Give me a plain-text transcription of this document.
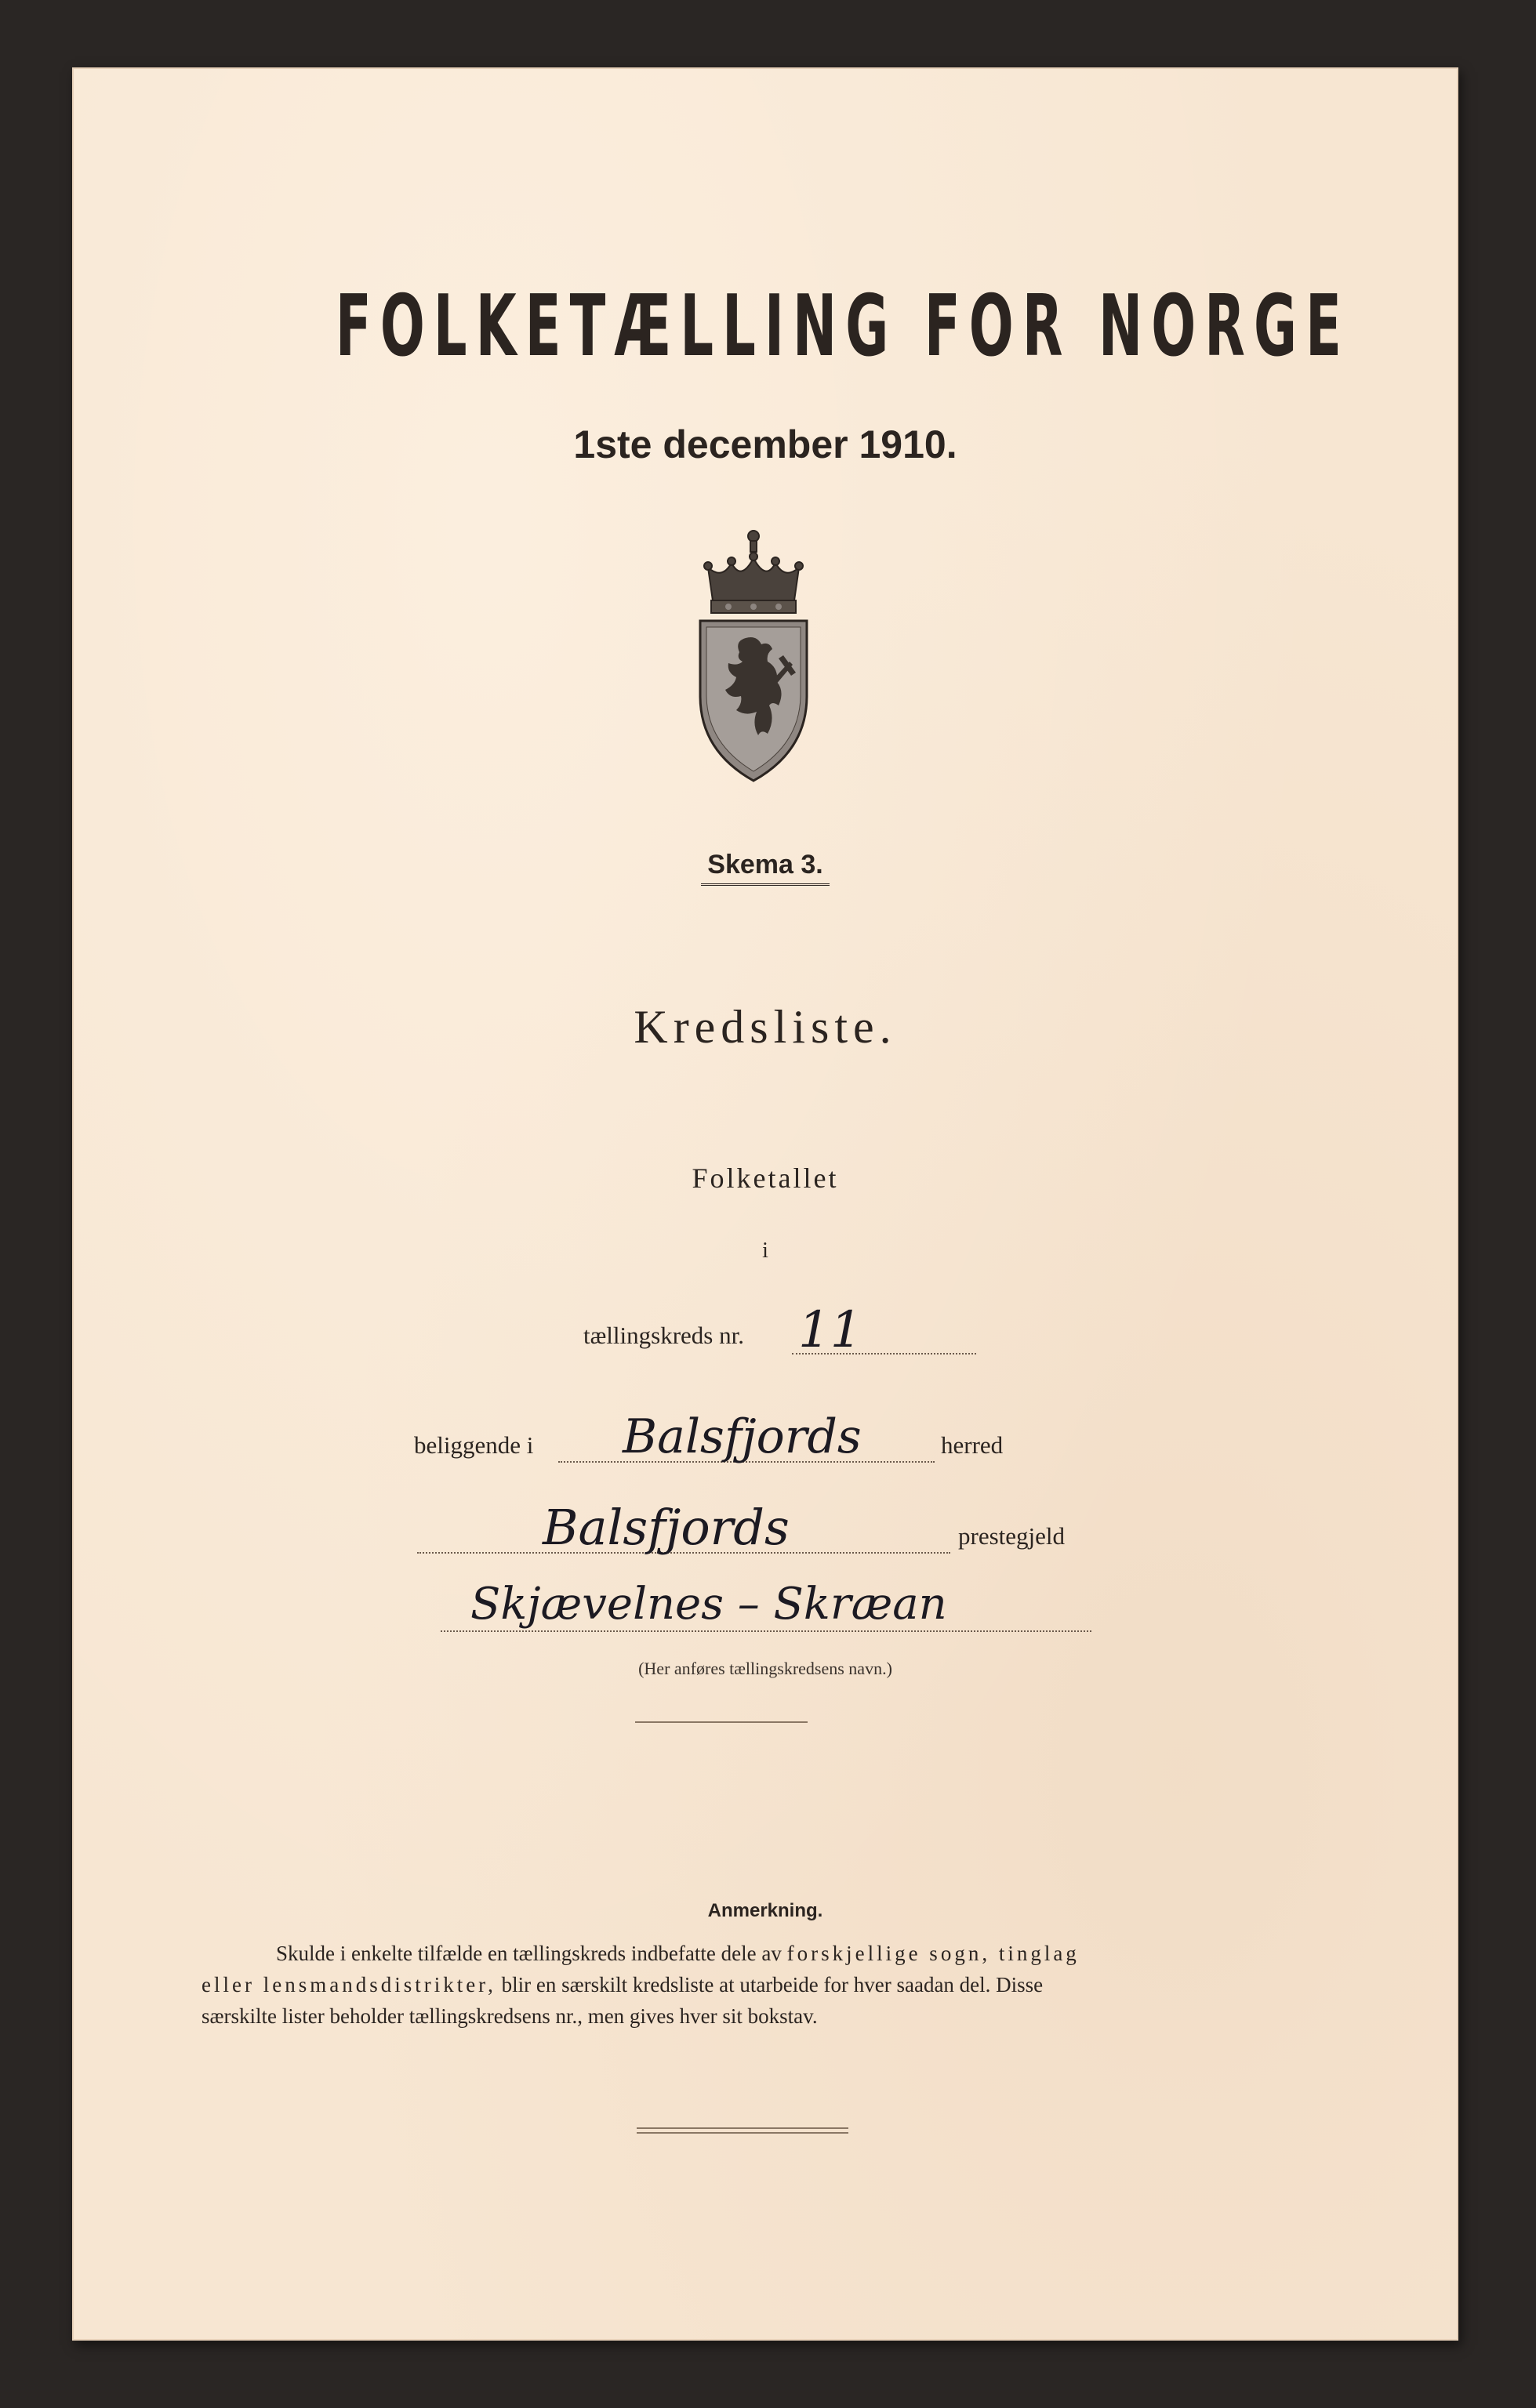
FOLKETÆLLING FOR NORGE
1ste december 1910.
Skema 3.
Kredsliste.
Folketallet
i
tællingskreds nr. 11
beliggende i Balsfjords	herred
Balsfjords	prestegjeld
Skjævelnes – Skræan
(Her anføres tællingskredsens navn.)
Anmerkning.
Skulde i enkelte tilfælde en tællingskreds indbefatte dele av forskjellige sogn, tinglag
eller lensmandsdistrikter, blir en særskilt kredsliste at utarbeide for hver saadan del. Disse
særskilte lister beholder tællingskredsens nr., men gives hver sit bokstav.
